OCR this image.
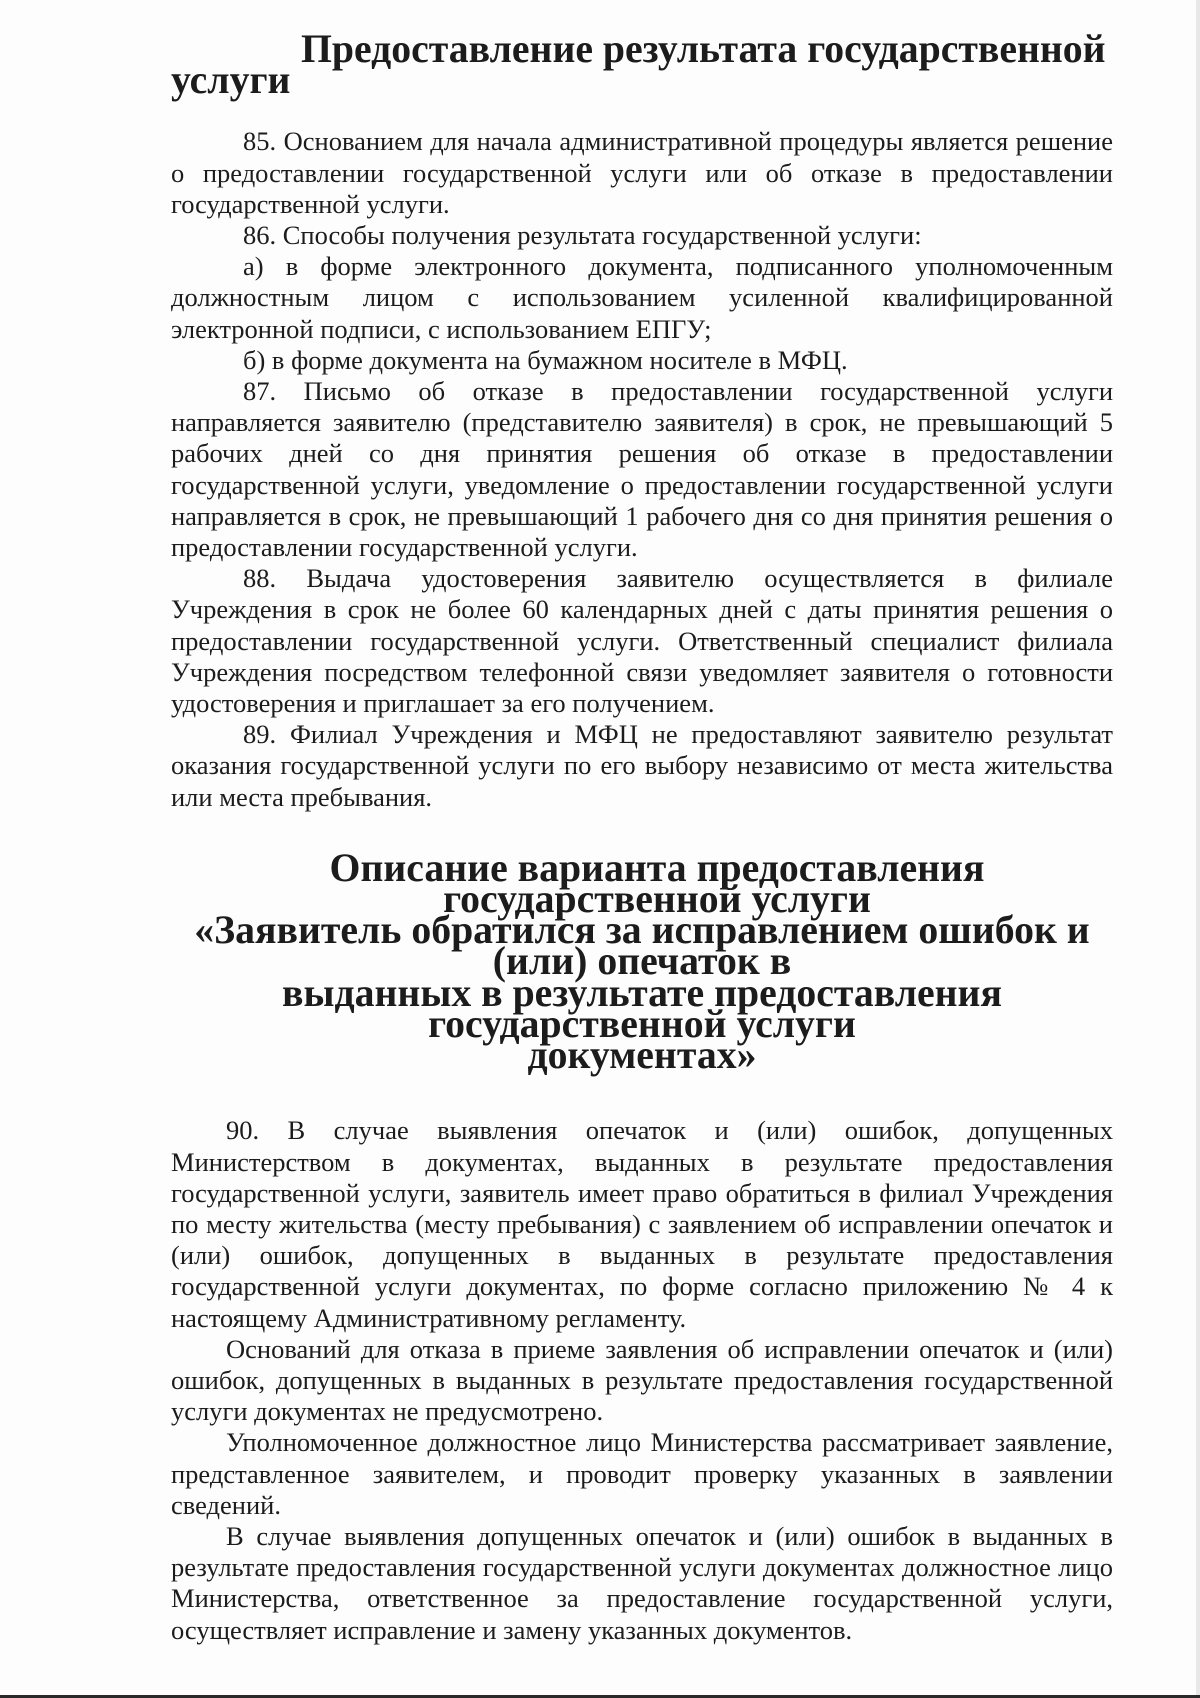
Предоставление результата государственной услуги

85. Основанием для начала административной процедуры является решение о предоставлении государственной услуги или об отказе в предоставлении государственной услуги.

86. Способы получения результата государственной услуги:

а) в форме электронного документа, подписанного уполномоченным должностным лицом с использованием усиленной квалифицированной электронной подписи, с использованием ЕПГУ;

б) в форме документа на бумажном носителе в МФЦ.

87. Письмо об отказе в предоставлении государственной услуги направляется заявителю (представителю заявителя) в срок, не превышающий 5 рабочих дней со дня принятия решения об отказе в предоставлении государственной услуги, уведомление о предоставлении государственной услуги направляется в срок, не превышающий 1 рабочего дня со дня принятия решения о предоставлении государственной услуги.

88. Выдача удостоверения заявителю осуществляется в филиале Учреждения в срок не более 60 календарных дней с даты принятия решения о предоставлении государственной услуги. Ответственный специалист филиала Учреждения посредством телефонной связи уведомляет заявителя о готовности удостоверения и приглашает за его получением.

89. Филиал Учреждения и МФЦ не предоставляют заявителю результат оказания государственной услуги по его выбору независимо от места жительства или места пребывания.

Описание варианта предоставления государственной услуги
«Заявитель обратился за исправлением ошибок и (или) опечаток в
выданных в результате предоставления государственной услуги
документах»

90. В случае выявления опечаток и (или) ошибок, допущенных Министерством в документах, выданных в результате предоставления государственной услуги, заявитель имеет право обратиться в филиал Учреждения по месту жительства (месту пребывания) с заявлением об исправлении опечаток и (или) ошибок, допущенных в выданных в результате предоставления государственной услуги документах, по форме согласно приложению № 4 к настоящему Административному регламенту.

Оснований для отказа в приеме заявления об исправлении опечаток и (или) ошибок, допущенных в выданных в результате предоставления государственной услуги документах не предусмотрено.

Уполномоченное должностное лицо Министерства рассматривает заявление, представленное заявителем, и проводит проверку указанных в заявлении сведений.

В случае выявления допущенных опечаток и (или) ошибок в выданных в результате предоставления государственной услуги документах должностное лицо Министерства, ответственное за предоставление государственной услуги, осуществляет исправление и замену указанных документов.
